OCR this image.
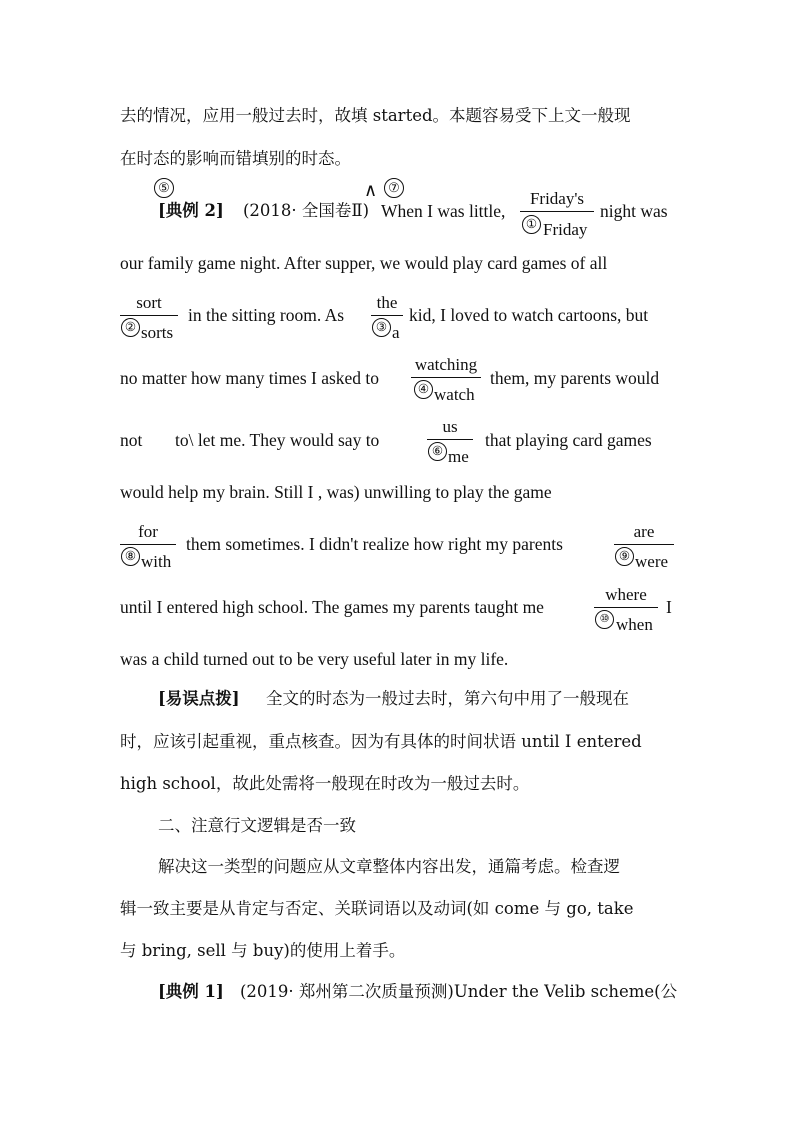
去的情况，应用一般过去时，故填 started。本题容易受下上文一般现
在时态的影响而错填别的时态。
⑤	∧ ⑦
[典例 2] (2018· 全国卷Ⅱ) When I was little,
Friday's
① Friday
night was
our family game night. After supper, we would play card games of all
sort
② sorts
in the sitting room. As
the
③ a
kid, I loved to watch cartoons, but
no matter how many times I asked to
watching
④ watch
them, my parents would
not to\ let me. They would say to
us
⑥ me
that playing card games
would help my brain. Still I , was) unwilling to play the game
for
⑧ with
them sometimes. I didn't realize how right my parents
are
⑨ were
until I entered high school. The games my parents taught me
where
⑩ when
I
was a child turned out to be very useful later in my life.
[易误点拨] 全文的时态为一般过去时，第六句中用了一般现在
时，应该引起重视，重点核查。因为有具体的时间状语 until I entered
high school，故此处需将一般现在时改为一般过去时。
二、注意行文逻辑是否一致
解决这一类型的问题应从文章整体内容出发，通篇考虑。检查逻
辑一致主要是从肯定与否定、关联词语以及动词(如 come 与 go, take
与 bring, sell 与 buy)的使用上着手。
[典例 1] (2019· 郑州第二次质量预测)Under the Velib scheme(公
